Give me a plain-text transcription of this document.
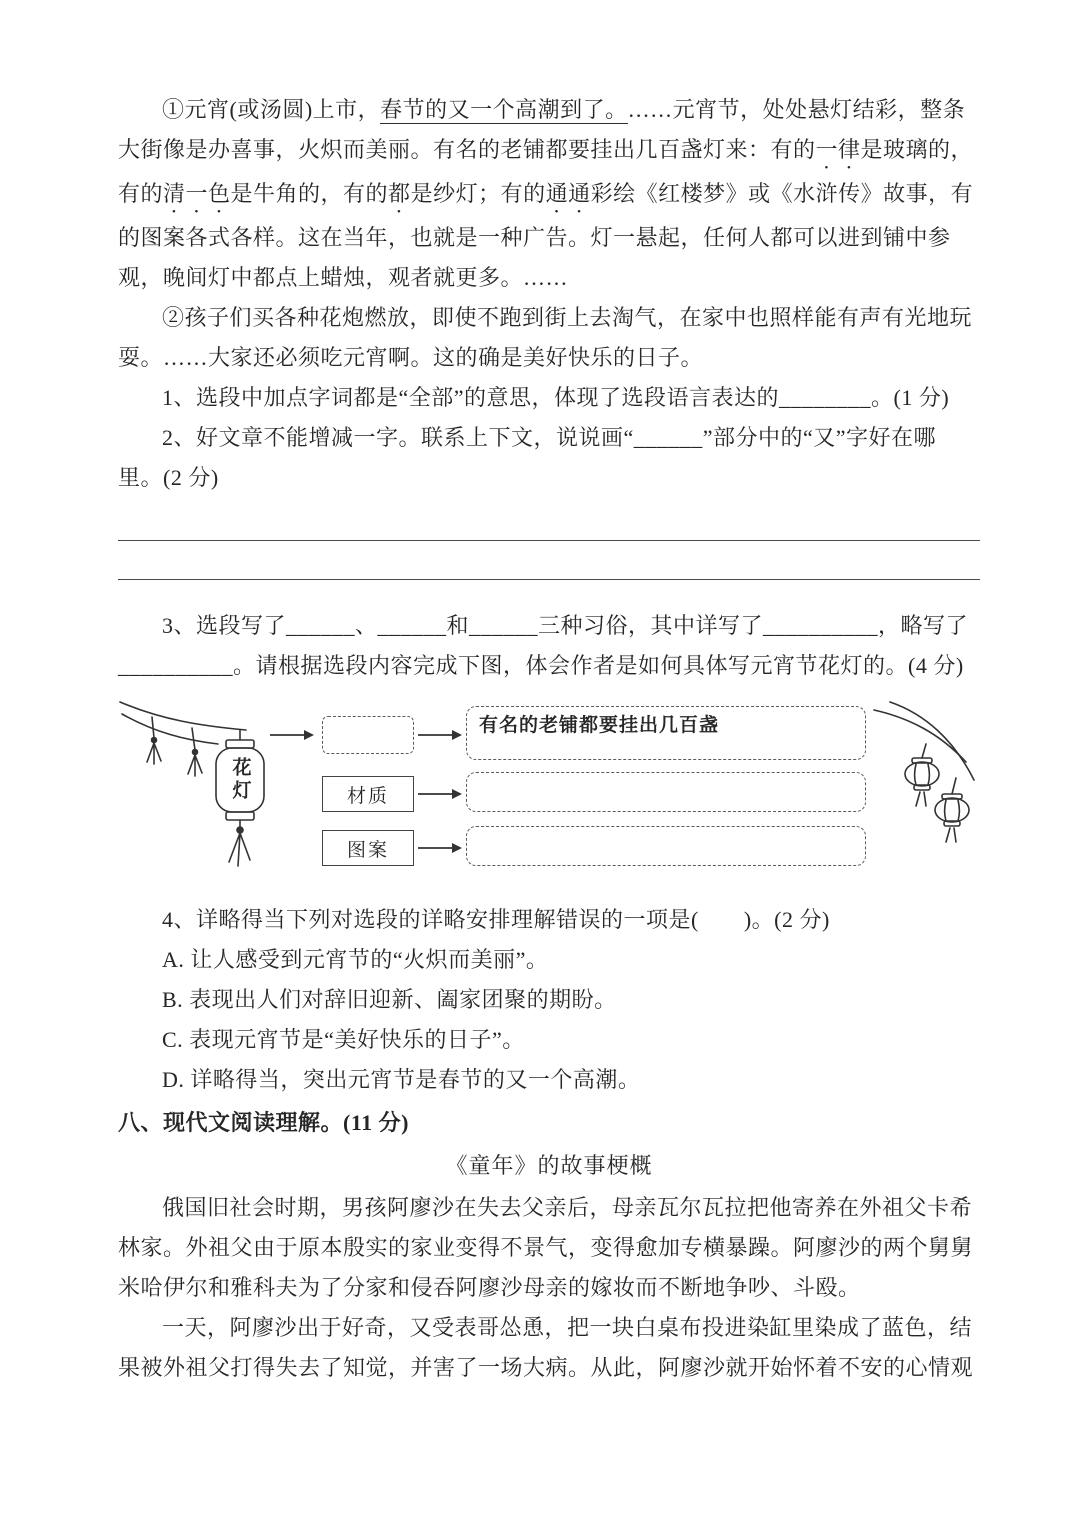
①元宵(或汤圆)上市，春节的又一个高潮到了。……元宵节，处处悬灯结彩，整条大街像是办喜事，火炽而美丽。有名的老铺都要挂出几百盏灯来：有的一律是玻璃的，有的清一色是牛角的，有的都是纱灯；有的通通彩绘《红楼梦》或《水浒传》故事，有的图案各式各样。这在当年，也就是一种广告。灯一悬起，任何人都可以进到铺中参观，晚间灯中都点上蜡烛，观者就更多。……

②孩子们买各种花炮燃放，即使不跑到街上去淘气，在家中也照样能有声有光地玩耍。……大家还必须吃元宵啊。这的确是美好快乐的日子。

1、选段中加点字词都是“全部”的意思，体现了选段语言表达的________。(1 分)

2、好文章不能增减一字。联系上下文，说说画“______”部分中的“又”字好在哪里。(2 分)

3、选段写了______、______和______三种习俗，其中详写了__________，略写了__________。请根据选段内容完成下图，体会作者是如何具体写元宵节花灯的。(4 分)

花灯
有名的老铺都要挂出几百盏
材质
图案

4、详略得当下列对选段的详略安排理解错误的一项是(　　)。(2 分)

A. 让人感受到元宵节的“火炽而美丽”。

B. 表现出人们对辞旧迎新、阖家团聚的期盼。

C. 表现元宵节是“美好快乐的日子”。

D. 详略得当，突出元宵节是春节的又一个高潮。

八、现代文阅读理解。(11 分)

《童年》的故事梗概

俄国旧社会时期，男孩阿廖沙在失去父亲后，母亲瓦尔瓦拉把他寄养在外祖父卡希林家。外祖父由于原本殷实的家业变得不景气，变得愈加专横暴躁。阿廖沙的两个舅舅米哈伊尔和雅科夫为了分家和侵吞阿廖沙母亲的嫁妆而不断地争吵、斗殴。

一天，阿廖沙出于好奇，又受表哥怂恿，把一块白桌布投进染缸里染成了蓝色，结果被外祖父打得失去了知觉，并害了一场大病。从此，阿廖沙就开始怀着不安的心情观
